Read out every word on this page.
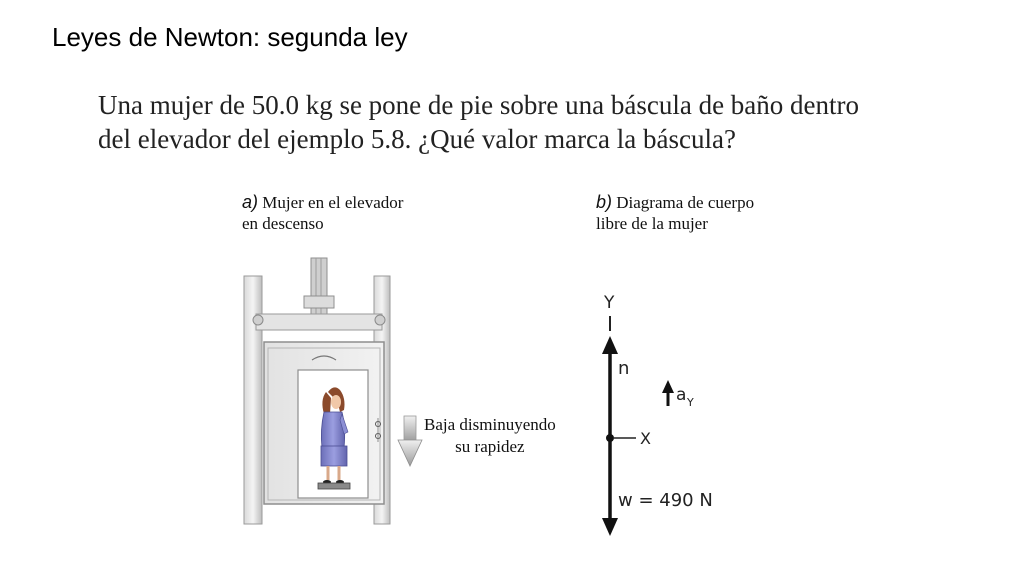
Leyes de Newton: segunda ley
Una mujer de 50.0 kg se pone de pie sobre una báscula de baño dentro
del elevador del ejemplo 5.8. ¿Qué valor marca la báscula?
a) Mujer en el elevador
en descenso
b) Diagrama de cuerpo
libre de la mujer
Baja disminuyendo
su rapidez
Y
n
w = 490 N
X
a Y
